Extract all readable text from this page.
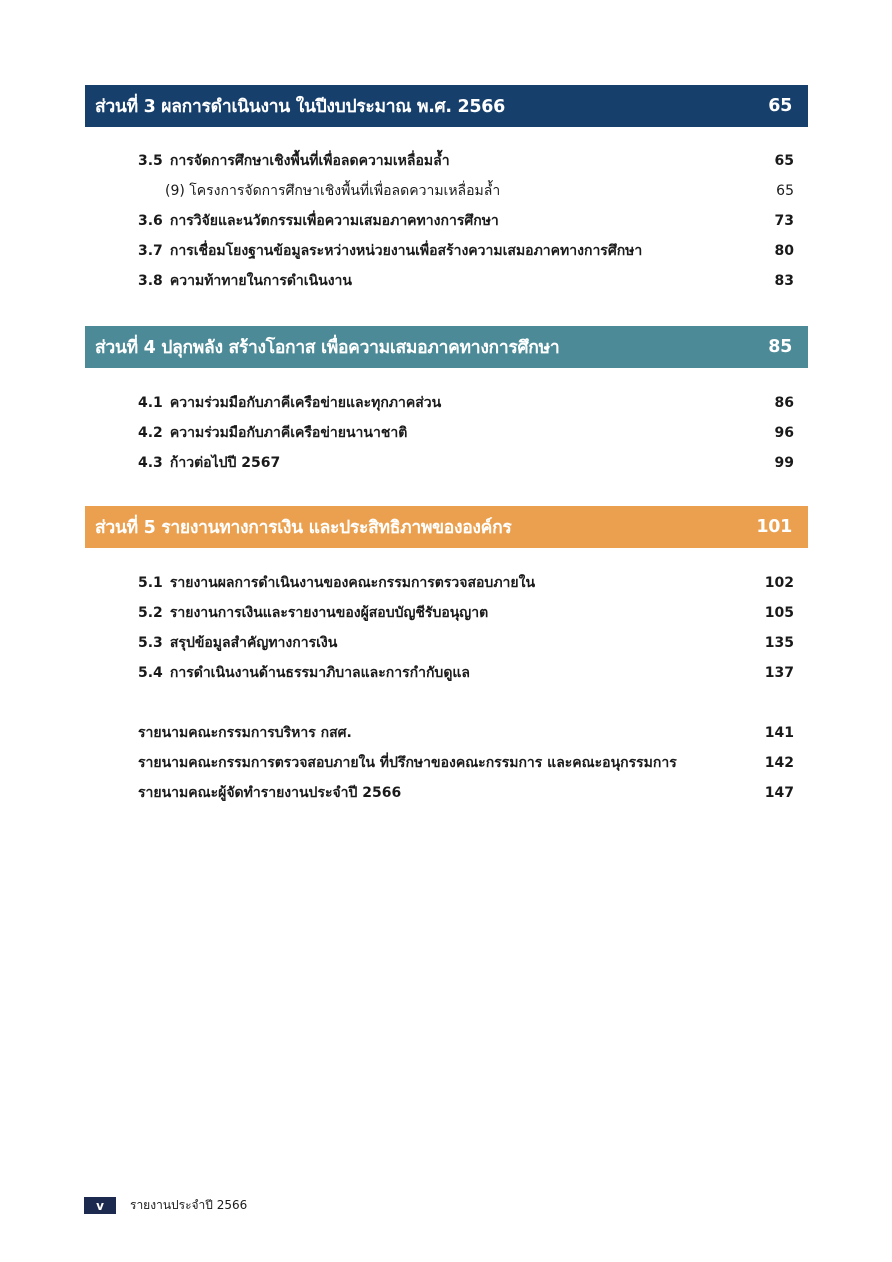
ส่วนที่ 3 ผลการดำเนินงาน ในปีงบประมาณ พ.ศ. 2566	65
3.5 การจัดการศึกษาเชิงพื้นที่เพื่อลดความเหลื่อมล้ำ	65
(9) โครงการจัดการศึกษาเชิงพื้นที่เพื่อลดความเหลื่อมล้ำ	65
3.6 การวิจัยและนวัตกรรมเพื่อความเสมอภาคทางการศึกษา	73
3.7 การเชื่อมโยงฐานข้อมูลระหว่างหน่วยงานเพื่อสร้างความเสมอภาคทางการศึกษา	80
3.8 ความท้าทายในการดำเนินงาน	83
ส่วนที่ 4 ปลุกพลัง สร้างโอกาส เพื่อความเสมอภาคทางการศึกษา	85
4.1 ความร่วมมือกับภาคีเครือข่ายและทุกภาคส่วน	86
4.2 ความร่วมมือกับภาคีเครือข่ายนานาชาติ	96
4.3 ก้าวต่อไปปี 2567	99
ส่วนที่ 5 รายงานทางการเงิน และประสิทธิภาพขององค์กร	101
5.1 รายงานผลการดำเนินงานของคณะกรรมการตรวจสอบภายใน	102
5.2 รายงานการเงินและรายงานของผู้สอบบัญชีรับอนุญาต	105
5.3 สรุปข้อมูลสำคัญทางการเงิน	135
5.4 การดำเนินงานด้านธรรมาภิบาลและการกำกับดูแล	137
รายนามคณะกรรมการบริหาร กสศ.	141
รายนามคณะกรรมการตรวจสอบภายใน ที่ปรึกษาของคณะกรรมการ และคณะอนุกรรมการ	142
รายนามคณะผู้จัดทำรายงานประจำปี 2566	147
v	รายงานประจำปี 2566
